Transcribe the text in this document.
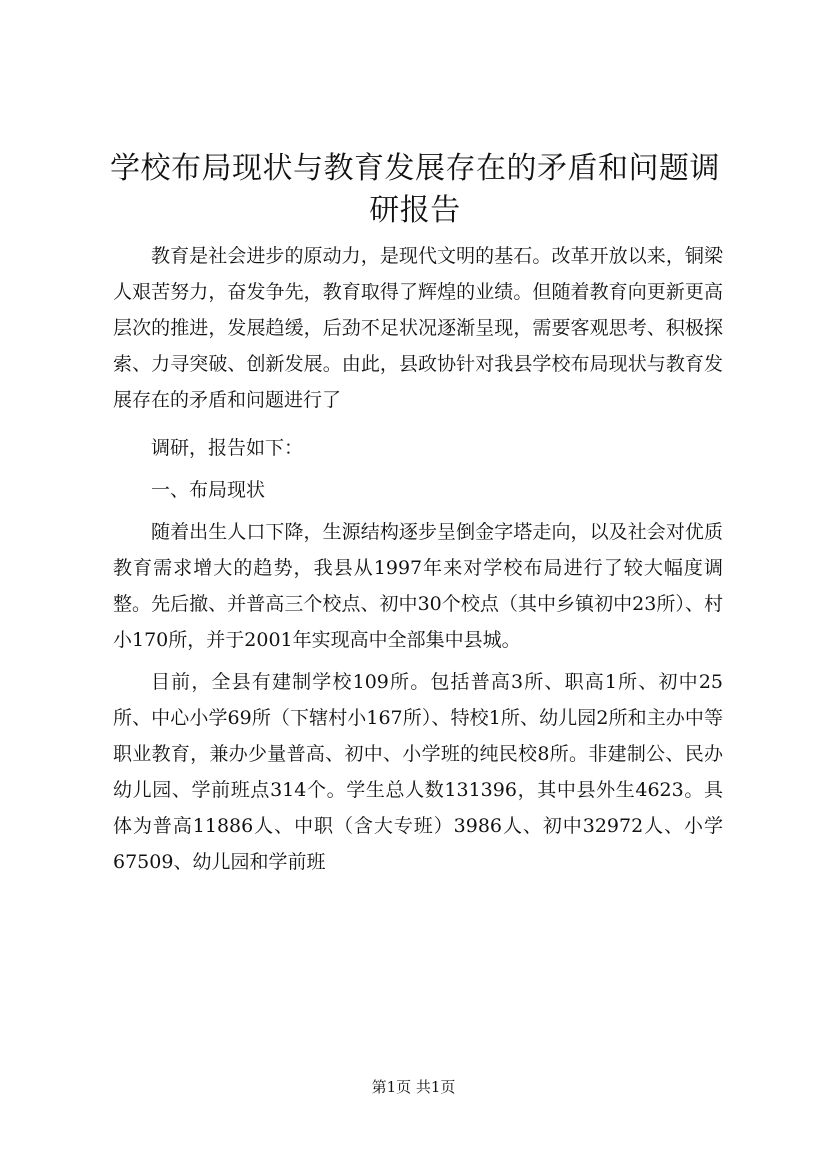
学校布局现状与教育发展存在的矛盾和问题调研报告

教育是社会进步的原动力，是现代文明的基石。改革开放以来，铜梁人艰苦努力，奋发争先，教育取得了辉煌的业绩。但随着教育向更新更高层次的推进，发展趋缓，后劲不足状况逐渐呈现，需要客观思考、积极探索、力寻突破、创新发展。由此，县政协针对我县学校布局现状与教育发展存在的矛盾和问题进行了

调研，报告如下：

一、布局现状

随着出生人口下降，生源结构逐步呈倒金字塔走向，以及社会对优质教育需求增大的趋势，我县从1997年来对学校布局进行了较大幅度调整。先后撤、并普高三个校点、初中30个校点（其中乡镇初中23所）、村小170所，并于2001年实现高中全部集中县城。

目前，全县有建制学校109所。包括普高3所、职高1所、初中25所、中心小学69所（下辖村小167所）、特校1所、幼儿园2所和主办中等职业教育，兼办少量普高、初中、小学班的纯民校8所。非建制公、民办幼儿园、学前班点314个。学生总人数131396，其中县外生4623。具体为普高11886人、中职（含大专班）3986人、初中32972人、小学67509、幼儿园和学前班

第1页 共1页
